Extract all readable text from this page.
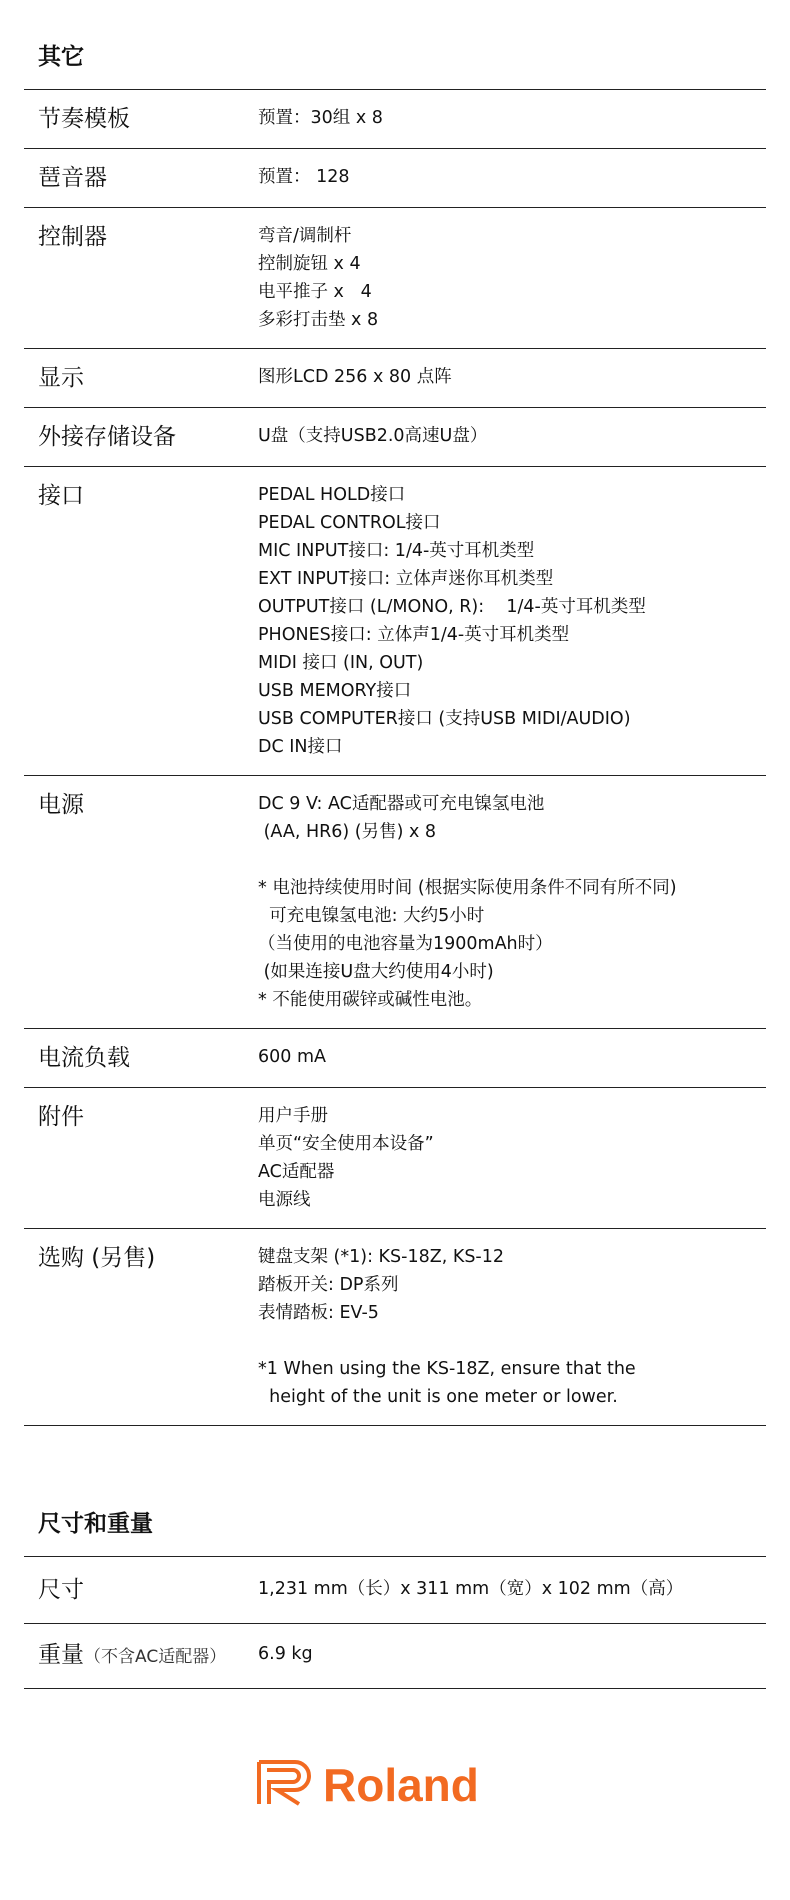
其它
节奏模板	预置：30组 x 8
琶音器	预置： 128
控制器	弯音/调制杆
控制旋钮 x 4
电平推子 x   4
多彩打击垫 x 8
显示	图形LCD 256 x 80 点阵
外接存储设备	U盘（支持USB2.0高速U盘）
接口	PEDAL HOLD接口
PEDAL CONTROL接口
MIC INPUT接口: 1/4-英寸耳机类型
EXT INPUT接口: 立体声迷你耳机类型
OUTPUT接口 (L/MONO, R):    1/4-英寸耳机类型
PHONES接口: 立体声1/4-英寸耳机类型
MIDI 接口 (IN, OUT)
USB MEMORY接口
USB COMPUTER接口 (支持USB MIDI/AUDIO)
DC IN接口
电源	DC 9 V: AC适配器或可充电镍氢电池
(AA, HR6) (另售) x 8
* 电池持续使用时间 (根据实际使用条件不同有所不同)
可充电镍氢电池: 大约5小时
（当使用的电池容量为1900mAh时）
(如果连接U盘大约使用4小时)
* 不能使用碳锌或碱性电池。
电流负载	600 mA
附件	用户手册
单页“安全使用本设备”
AC适配器
电源线
选购 (另售)	键盘支架 (*1): KS-18Z, KS-12
踏板开关: DP系列
表情踏板: EV-5
*1 When using the KS-18Z, ensure that the
height of the unit is one meter or lower.
尺寸和重量
尺寸	1,231 mm（长）x 311 mm（宽）x 102 mm（高）
重量（不含AC适配器）	6.9 kg
Roland
